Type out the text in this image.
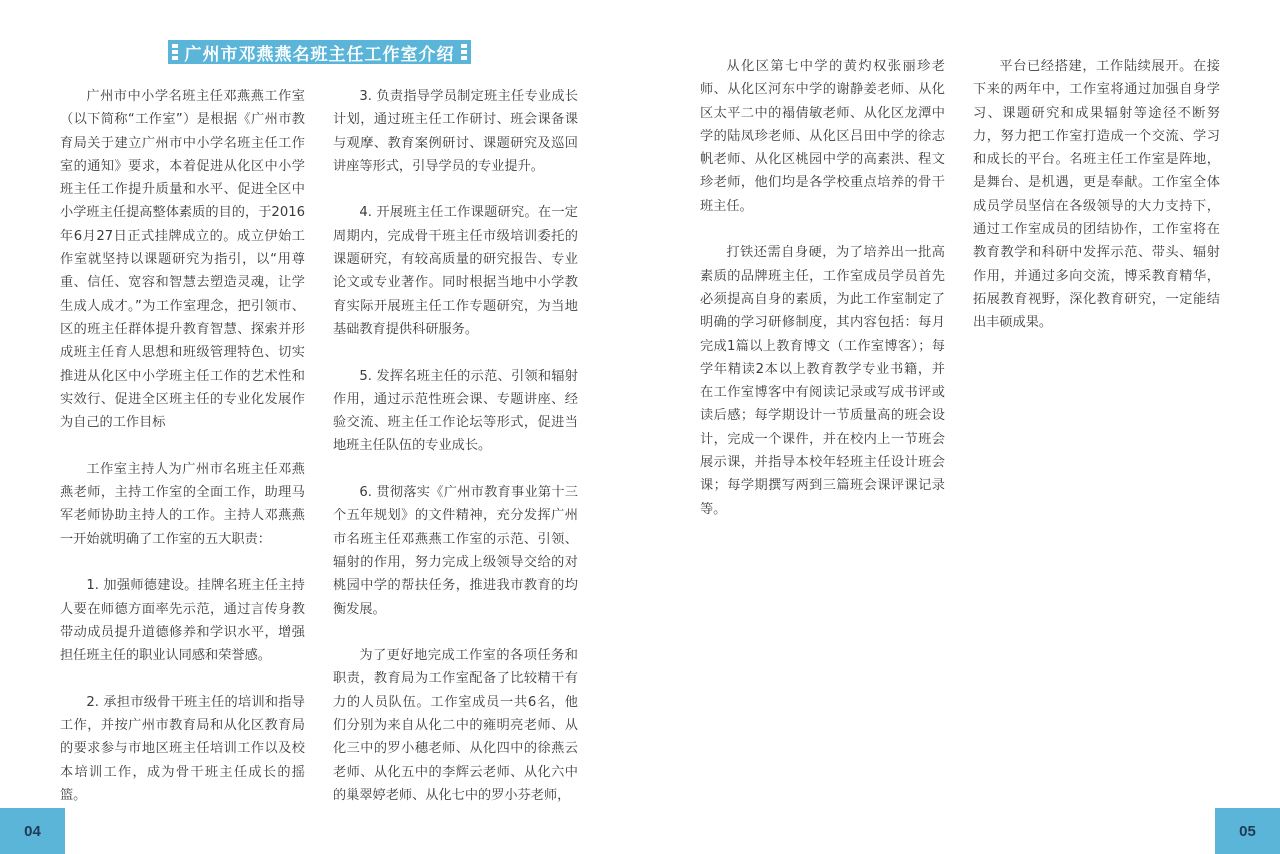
广州市邓燕燕名班主任工作室介绍

广州市中小学名班主任邓燕燕工作室（以下简称“工作室”）是根据《广州市教育局关于建立广州市中小学名班主任工作室的通知》要求，本着促进从化区中小学班主任工作提升质量和水平、促进全区中小学班主任提高整体素质的目的，于2016年6月27日正式挂牌成立的。成立伊始工作室就坚持以课题研究为指引，以“用尊重、信任、宽容和智慧去塑造灵魂，让学生成人成才。”为工作室理念，把引领市、区的班主任群体提升教育智慧、探索并形成班主任育人思想和班级管理特色、切实推进从化区中小学班主任工作的艺术性和实效行、促进全区班主任的专业化发展作为自己的工作目标

工作室主持人为广州市名班主任邓燕燕老师，主持工作室的全面工作，助理马军老师协助主持人的工作。主持人邓燕燕一开始就明确了工作室的五大职责：

1. 加强师德建设。挂牌名班主任主持人要在师德方面率先示范，通过言传身教带动成员提升道德修养和学识水平，增强担任班主任的职业认同感和荣誉感。

2. 承担市级骨干班主任的培训和指导工作，并按广州市教育局和从化区教育局的要求参与市地区班主任培训工作以及校本培训工作，成为骨干班主任成长的摇篮。

3. 负责指导学员制定班主任专业成长计划，通过班主任工作研讨、班会课备课与观摩、教育案例研讨、课题研究及巡回讲座等形式，引导学员的专业提升。

4. 开展班主任工作课题研究。在一定周期内，完成骨干班主任市级培训委托的课题研究，有较高质量的研究报告、专业论文或专业著作。同时根据当地中小学教育实际开展班主任工作专题研究，为当地基础教育提供科研服务。

5. 发挥名班主任的示范、引领和辐射作用，通过示范性班会课、专题讲座、经验交流、班主任工作论坛等形式，促进当地班主任队伍的专业成长。

6. 贯彻落实《广州市教育事业第十三个五年规划》的文件精神，充分发挥广州市名班主任邓燕燕工作室的示范、引领、辐射的作用，努力完成上级领导交给的对桃园中学的帮扶任务，推进我市教育的均衡发展。

为了更好地完成工作室的各项任务和职责，教育局为工作室配备了比较精干有力的人员队伍。工作室成员一共6名，他们分别为来自从化二中的雍明亮老师、从化三中的罗小穗老师、从化四中的徐燕云老师、从化五中的李辉云老师、从化六中的巢翠婷老师、从化七中的罗小芬老师，

从化区第七中学的黄灼权张丽珍老师、从化区河东中学的谢静姜老师、从化 区太平二中的褟倩敏老师、从化区龙潭中学的陆凤珍老师、从化区吕田中学的徐志帆老师、从化区桃园中学的高素洪、程文珍老师，他们均是各学校重点培养的骨干班主任。

打铁还需自身硬，为了培养出一批高素质的品牌班主任，工作室成员学员首先必须提高自身的素质，为此工作室制定了明确的学习研修制度，其内容包括：每月完成1篇以上教育博文（工作室博客）；每学年精读2本以上教育教学专业书籍，并在工作室博客中有阅读记录或写成书评或读后感；每学期设计一节质量高的班会设计，完成一个课件，并在校内上一节班会展示课，并指导本校年轻班主任设计班会课；每学期撰写两到三篇班会课评课记录等。

平台已经搭建，工作陆续展开。在接下来的两年中，工作室将通过加强自身学习、课题研究和成果辐射等途径不断努力，努力把工作室打造成一个交流、学习和成长的平台。名班主任工作室是阵地，是舞台、是机遇，更是奉献。工作室全体成员学员坚信在各级领导的大力支持下，通过工作室成员的团结协作，工作室将在教育教学和科研中发挥示范、带头、辐射作用，并通过多向交流，博采教育精华，拓展教育视野，深化教育研究，一定能结出丰硕成果。

04	05
